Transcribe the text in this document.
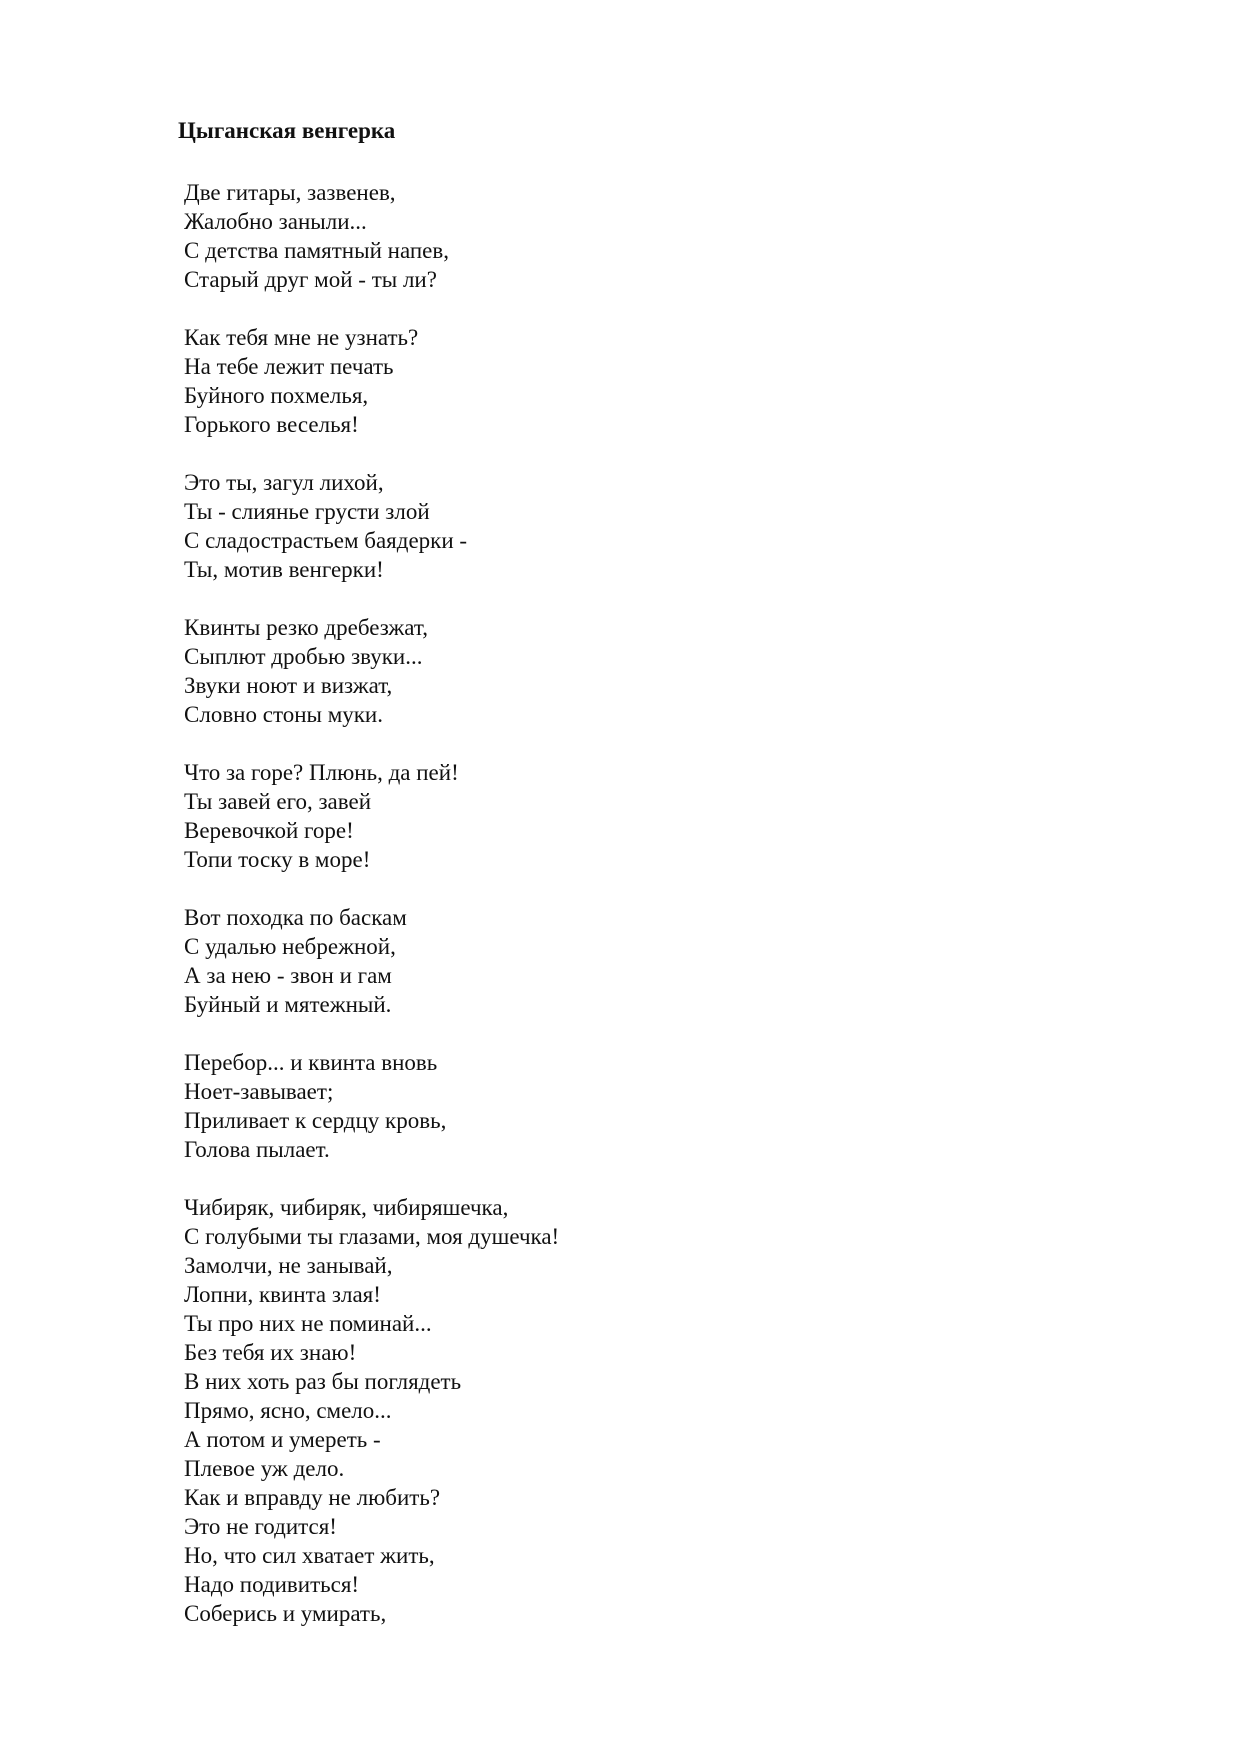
Цыганская венгерка
Две гитары, зазвенев,
Жалобно заныли...
С детства памятный напев,
Старый друг мой - ты ли?
Как тебя мне не узнать?
На тебе лежит печать
Буйного похмелья,
Горького веселья!
Это ты, загул лихой,
Ты - слиянье грусти злой
С сладострастьем баядерки -
Ты, мотив венгерки!
Квинты резко дребезжат,
Сыплют дробью звуки...
Звуки ноют и визжат,
Словно стоны муки.
Что за горе? Плюнь, да пей!
Ты завей его, завей
Веревочкой горе!
Топи тоску в море!
Вот походка по баскам
С удалью небрежной,
А за нею - звон и гам
Буйный и мятежный.
Перебор... и квинта вновь
Ноет-завывает;
Приливает к сердцу кровь,
Голова пылает.
Чибиряк, чибиряк, чибиряшечка,
С голубыми ты глазами, моя душечка!
Замолчи, не занывай,
Лопни, квинта злая!
Ты про них не поминай...
Без тебя их знаю!
В них хоть раз бы поглядеть
Прямо, ясно, смело...
А потом и умереть -
Плевое уж дело.
Как и вправду не любить?
Это не годится!
Но, что сил хватает жить,
Надо подивиться!
Соберись и умирать,
